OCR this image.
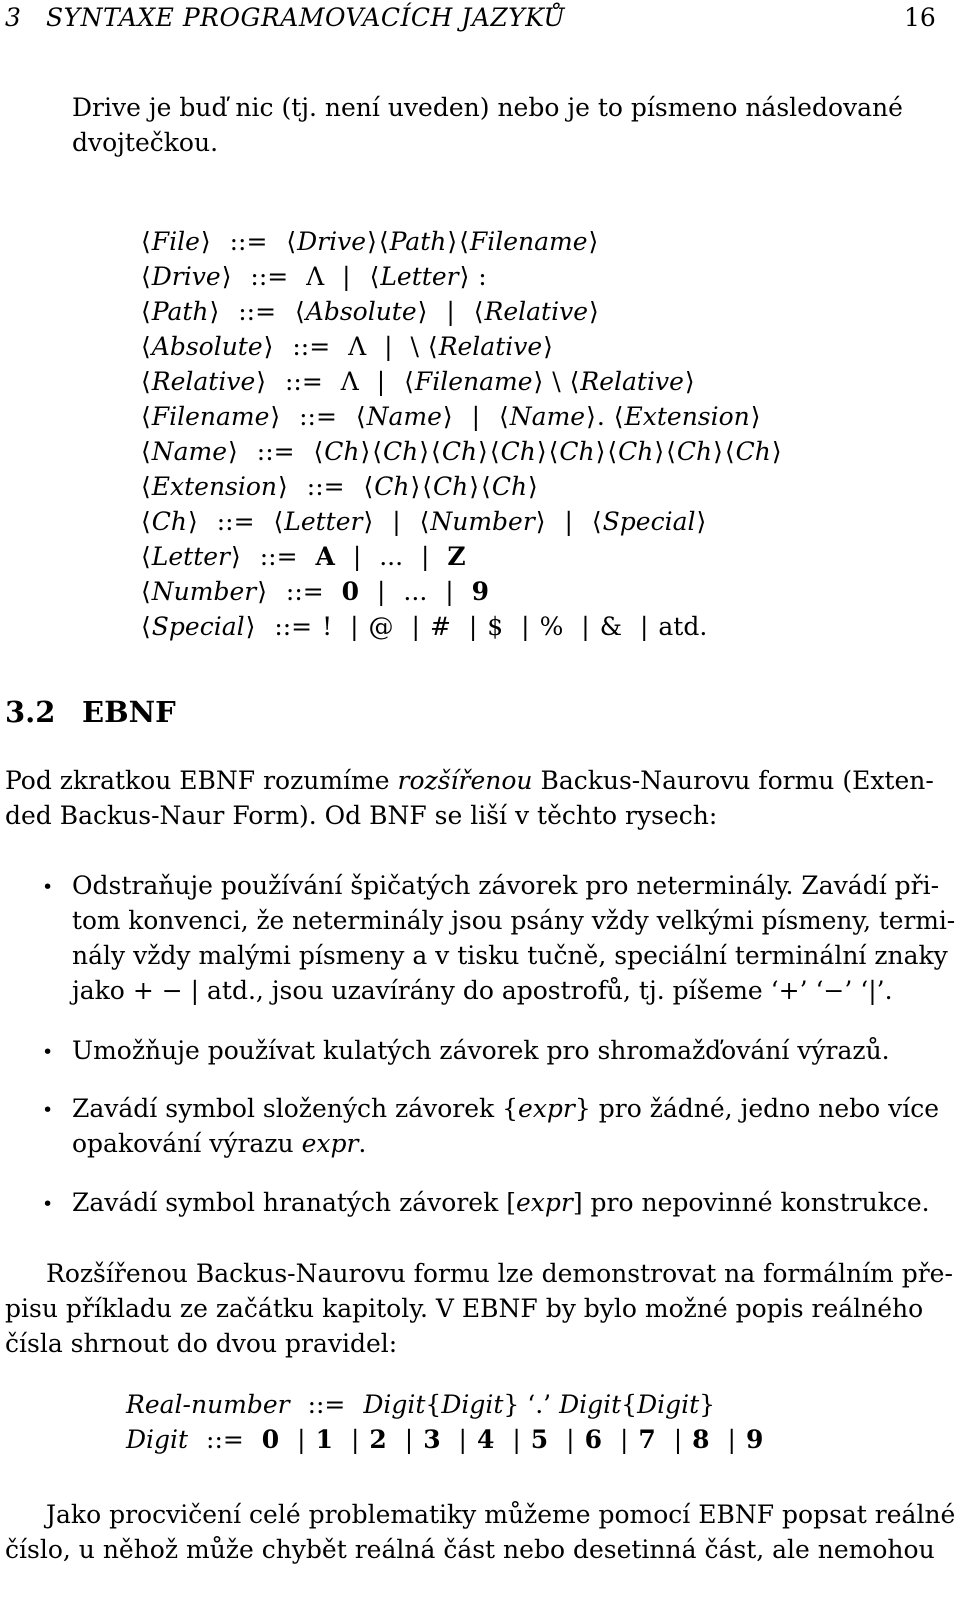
3 SYNTAXE PROGRAMOVACÍCH JAZYKŮ	16
Drive je buď nic (tj. není uveden) nebo je to písmeno následované
dvojtečkou.
⟨File⟩ ::= ⟨Drive⟩⟨Path⟩⟨Filename⟩
⟨Drive⟩ ::= Λ | ⟨Letter⟩ :
⟨Path⟩ ::= ⟨Absolute⟩ | ⟨Relative⟩
⟨Absolute⟩ ::= Λ | \ ⟨Relative⟩
⟨Relative⟩ ::= Λ | ⟨Filename⟩ \ ⟨Relative⟩
⟨Filename⟩ ::= ⟨Name⟩ | ⟨Name⟩. ⟨Extension⟩
⟨Name⟩ ::= ⟨Ch⟩⟨Ch⟩⟨Ch⟩⟨Ch⟩⟨Ch⟩⟨Ch⟩⟨Ch⟩⟨Ch⟩
⟨Extension⟩ ::= ⟨Ch⟩⟨Ch⟩⟨Ch⟩
⟨Ch⟩ ::= ⟨Letter⟩ | ⟨Number⟩ | ⟨Special⟩
⟨Letter⟩ ::= A | ... | Z
⟨Number⟩ ::= 0 | ... | 9
⟨Special⟩ ::= ! | @ | # | $ | % | & | atd.
3.2 EBNF
Pod zkratkou EBNF rozumíme rozšířenou Backus-Naurovu formu (Exten-
ded Backus-Naur Form). Od BNF se liší v těchto rysech:
• Odstraňuje používání špičatých závorek pro neterminály. Zavádí při-
tom konvenci, že neterminály jsou psány vždy velkými písmeny, termi-
nály vždy malými písmeny a v tisku tučně, speciální terminální znaky
jako + − | atd., jsou uzavírány do apostrofů, tj. píšeme ‘+’ ‘−’ ‘|’.
• Umožňuje používat kulatých závorek pro shromažďování výrazů.
• Zavádí symbol složených závorek {expr} pro žádné, jedno nebo více
opakování výrazu expr.
• Zavádí symbol hranatých závorek [expr] pro nepovinné konstrukce.
Rozšířenou Backus-Naurovu formu lze demonstrovat na formálním pře-
pisu příkladu ze začátku kapitoly. V EBNF by bylo možné popis reálného
čísla shrnout do dvou pravidel:
Real-number ::= Digit{Digit} ‘.’ Digit{Digit}
Digit ::= 0 | 1 | 2 | 3 | 4 | 5 | 6 | 7 | 8 | 9
Jako procvičení celé problematiky můžeme pomocí EBNF popsat reálné
číslo, u něhož může chybět reálná část nebo desetinná část, ale nemohou
